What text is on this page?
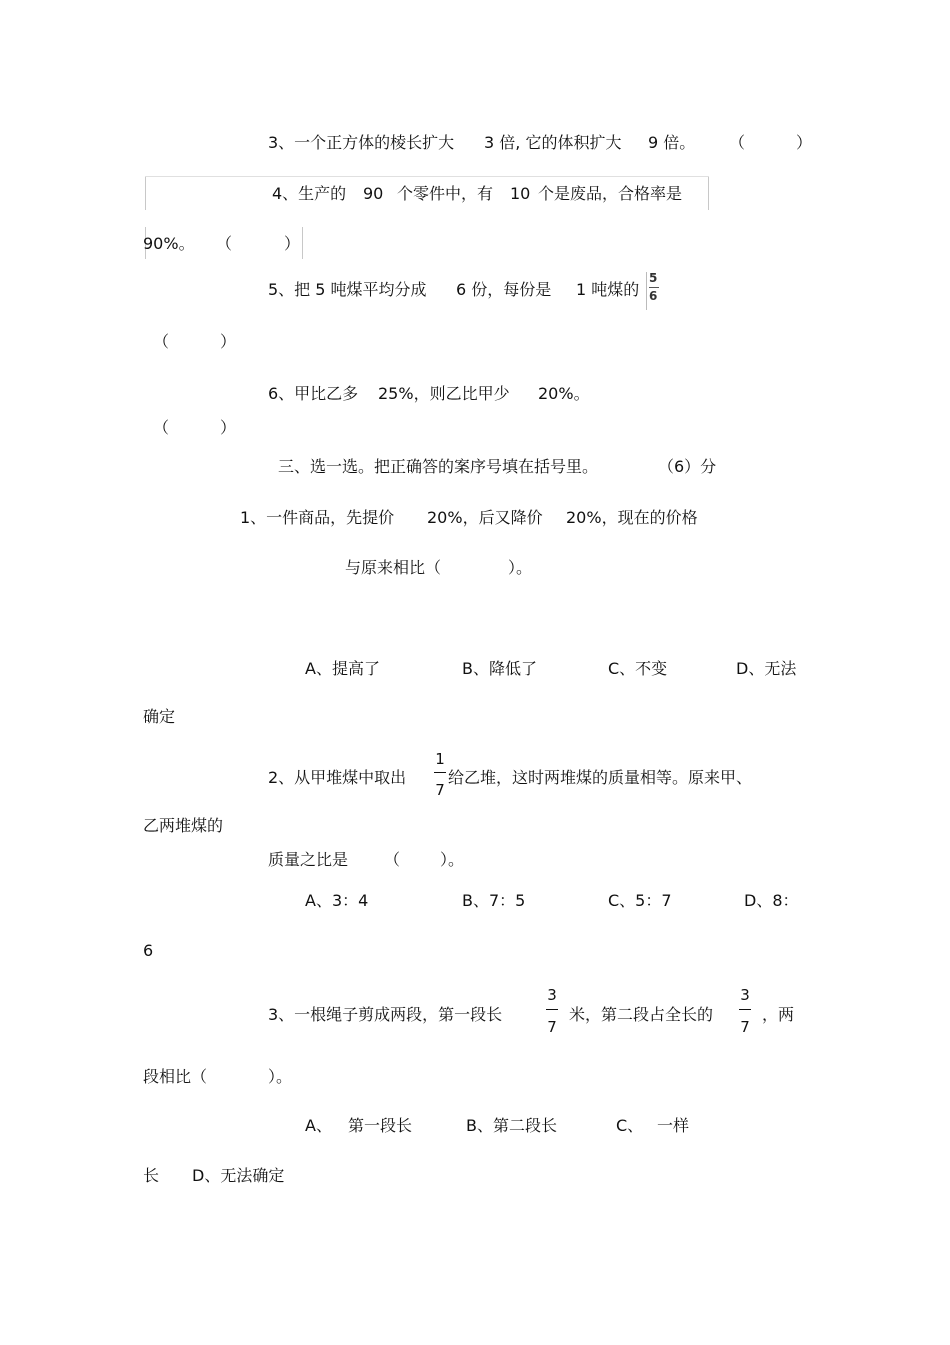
3、一个正方体的棱长扩大 3 倍, 它的体积扩大 9 倍。 （	）
4、生产的 90 个零件中，有 10 个是废品，合格率是
90%。 （	）
5、把 5 吨煤平均分成 6 份，每份是 1 吨煤的
5
6
（	）
6、甲比乙多 25%，则乙比甲少 20%。
（	）
三、选一选。把正确答的案序号填在括号里。	（6）分
1、一件商品，先提价 20%，后又降价 20%，现在的价格
与原来相比（	）。
A、提高了	B、降低了	C、不变	D、无法
确定
2、从甲堆煤中取出
1
7
给乙堆，这时两堆煤的质量相等。原来甲、
乙两堆煤的
质量之比是 （ ）。
A、3：4	B、7：5	C、5：7	D、8：
6
3、一根绳子剪成两段，第一段长
3
7
米，第二段占全长的
3
7
，两
段相比（	）。
A、 第一段长	B、第二段长	C、 一样
长 D、无法确定
